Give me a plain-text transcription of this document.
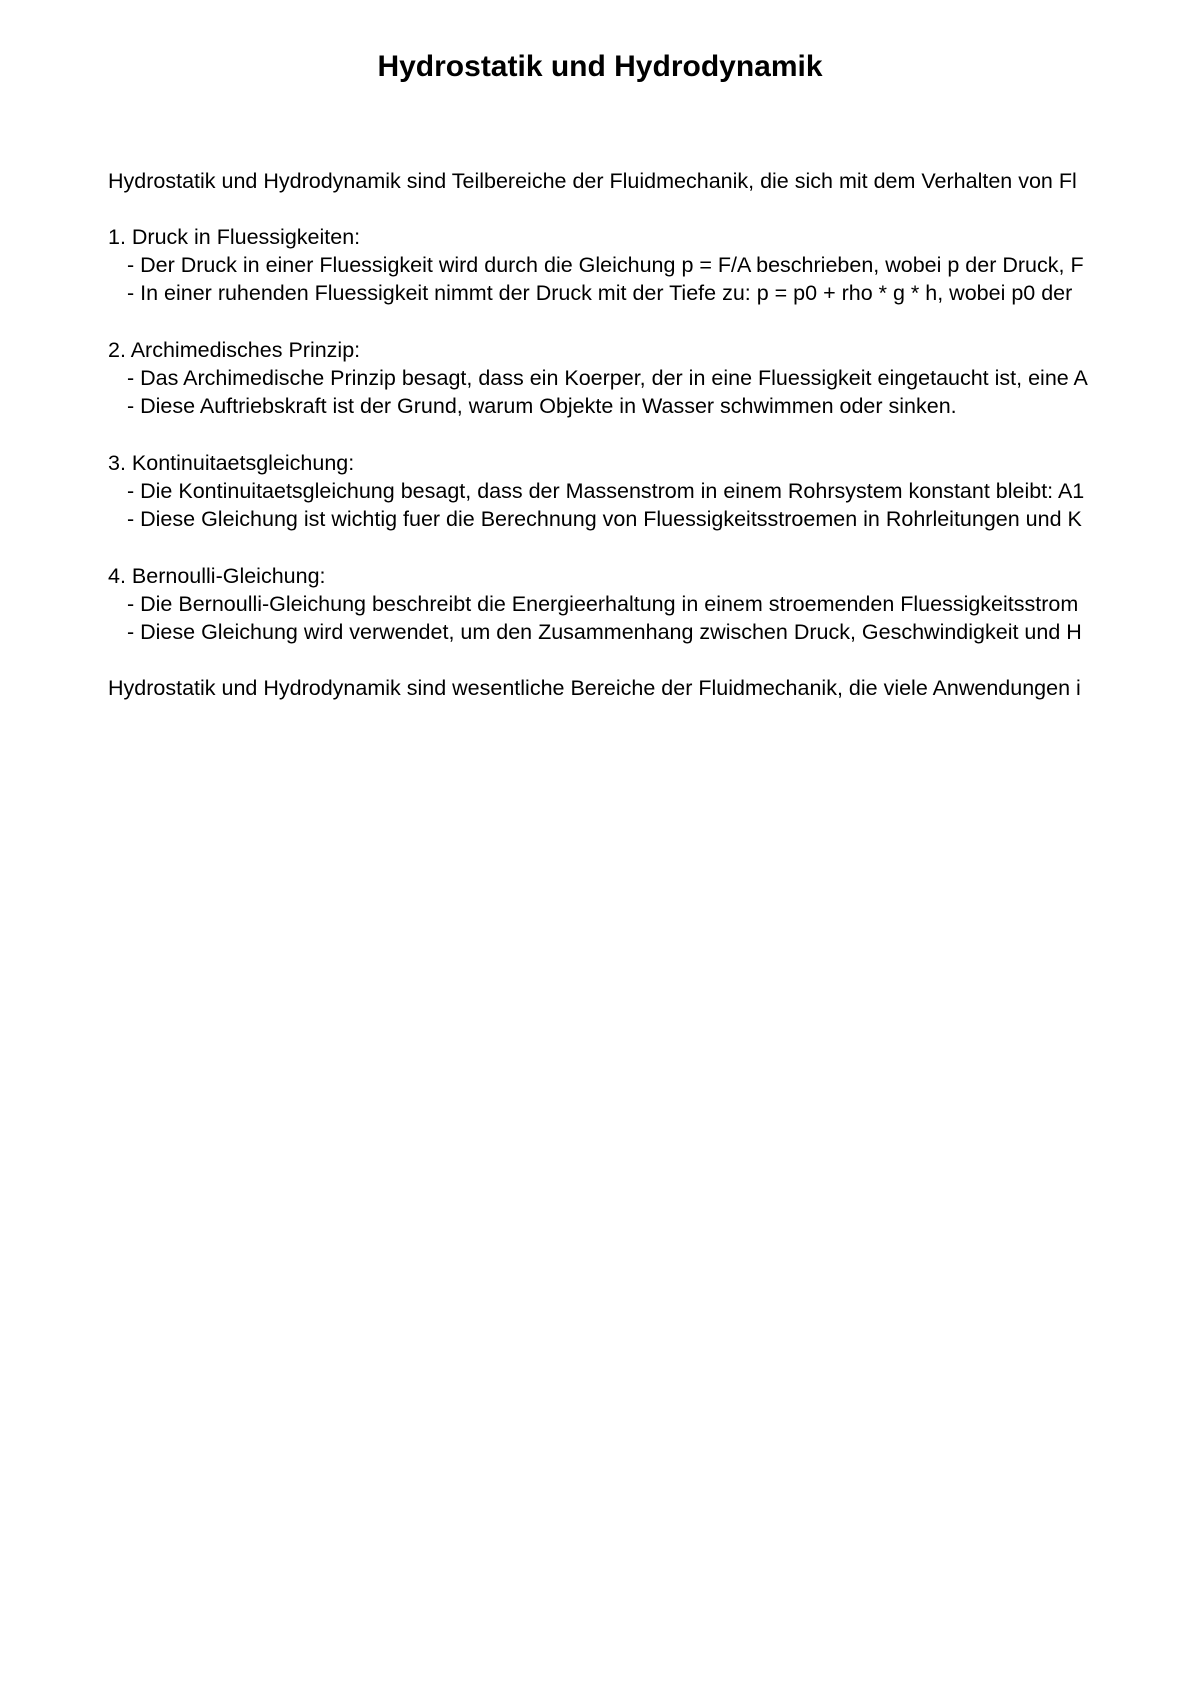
Hydrostatik und Hydrodynamik

Hydrostatik und Hydrodynamik sind Teilbereiche der Fluidmechanik, die sich mit dem Verhalten von Fl

1. Druck in Fluessigkeiten:

- Der Druck in einer Fluessigkeit wird durch die Gleichung p = F/A beschrieben, wobei p der Druck, F

- In einer ruhenden Fluessigkeit nimmt der Druck mit der Tiefe zu: p = p0 + rho * g * h, wobei p0 der

2. Archimedisches Prinzip:

- Das Archimedische Prinzip besagt, dass ein Koerper, der in eine Fluessigkeit eingetaucht ist, eine A

- Diese Auftriebskraft ist der Grund, warum Objekte in Wasser schwimmen oder sinken.

3. Kontinuitaetsgleichung:

- Die Kontinuitaetsgleichung besagt, dass der Massenstrom in einem Rohrsystem konstant bleibt: A1

- Diese Gleichung ist wichtig fuer die Berechnung von Fluessigkeitsstroemen in Rohrleitungen und K

4. Bernoulli-Gleichung:

- Die Bernoulli-Gleichung beschreibt die Energieerhaltung in einem stroemenden Fluessigkeitsstrom

- Diese Gleichung wird verwendet, um den Zusammenhang zwischen Druck, Geschwindigkeit und H

Hydrostatik und Hydrodynamik sind wesentliche Bereiche der Fluidmechanik, die viele Anwendungen i
